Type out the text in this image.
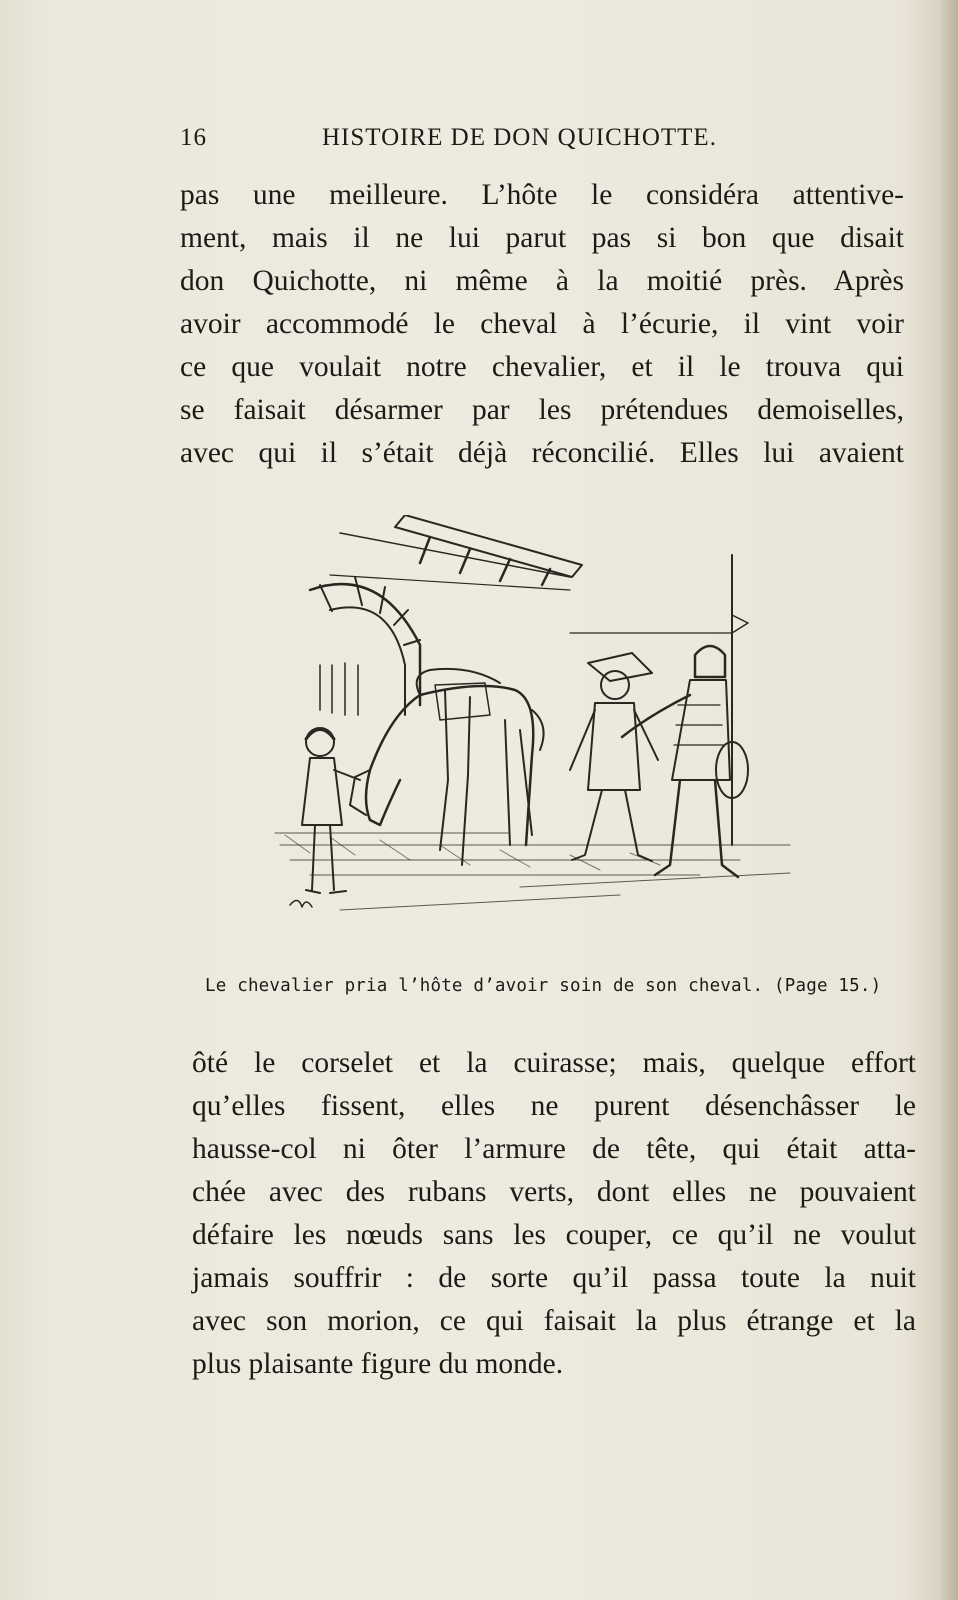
16	HISTOIRE DE DON QUICHOTTE.

pas une meilleure. L’hôte le considéra attentive-
ment, mais il ne lui parut pas si bon que disait
don Quichotte, ni même à la moitié près. Après
avoir accommodé le cheval à l’écurie, il vint voir
ce que voulait notre chevalier, et il le trouva qui
se faisait désarmer par les prétendues demoiselles,
avec qui il s’était déjà réconcilié. Elles lui avaient

Le chevalier pria l’hôte d’avoir soin de son cheval. (Page 15.)

ôté le corselet et la cuirasse; mais, quelque effort
qu’elles fissent, elles ne purent désenchâsser le
hausse-col ni ôter l’armure de tête, qui était atta-
chée avec des rubans verts, dont elles ne pouvaient
défaire les nœuds sans les couper, ce qu’il ne voulut
jamais souffrir : de sorte qu’il passa toute la nuit
avec son morion, ce qui faisait la plus étrange et la
plus plaisante figure du monde.
